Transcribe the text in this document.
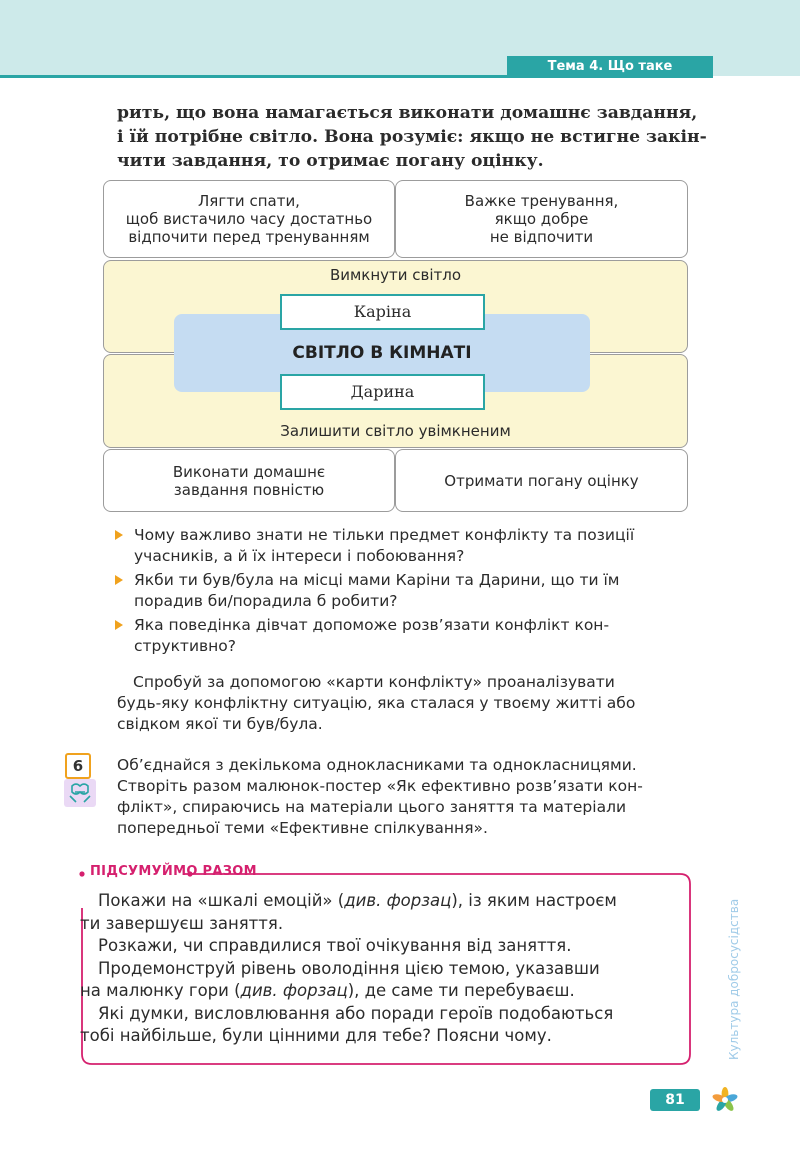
Тема 4. Що таке конфлікт?
рить, що вона намагається виконати домашнє завдання,
і їй потрібне світло. Вона розуміє: якщо не встигне закін-
чити завдання, то отримає погану оцінку.
Лягти спати,
щоб вистачило часу достатньо
відпочити перед тренуванням
Важке тренування,
якщо добре
не відпочити
Вимкнути світло
Залишити світло увімкненим
СВІТЛО В КІМНАТІ
Каріна
Дарина
Виконати домашнє
завдання повністю	Отримати погану оцінку
Чому важливо знати не тільки предмет конфлікту та позиції
учасників, а й їх інтереси і побоювання?
Якби ти був/була на місці мами Каріни та Дарини, що ти їм
порадив би/порадила б робити?
Яка поведінка дівчат допоможе розв’язати конфлікт кон-
структивно?
Спробуй за допомогою «карти конфлікту» проаналізувати
будь-яку конфліктну ситуацію, яка сталася у твоєму житті або
свідком якої ти був/була.
6	Об’єднайся з декількома однокласниками та однокласницями.
Створіть разом малюнок-постер «Як ефективно розв’язати кон-
флікт», спираючись на матеріали цього заняття та матеріали
попередньої теми «Ефективне спілкування».
ПІДСУМУЙМО РАЗОМ
Покажи на «шкалі емоцій» (див. форзац), із яким настроєм
ти завершуєш заняття.
Розкажи, чи справдилися твої очікування від заняття.
Продемонструй рівень оволодіння цією темою, указавши
на малюнку гори (див. форзац), де саме ти перебуваєш.
Які думки, висловлювання або поради героїв подобаються
тобі найбільше, були цінними для тебе? Поясни чому.	Культура добросусідства
81
